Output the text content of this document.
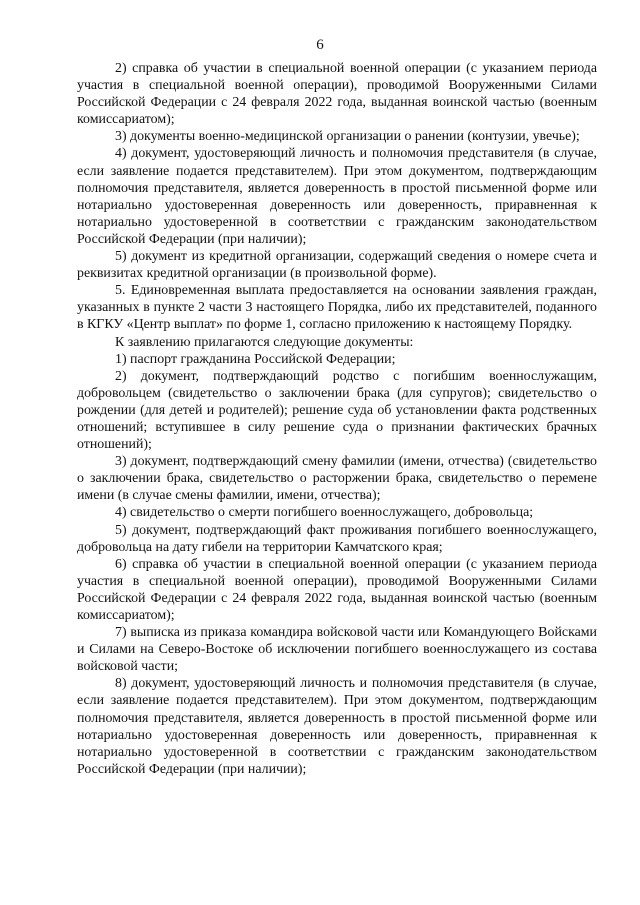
6

2) справка об участии в специальной военной операции (с указанием периода участия в специальной военной операции), проводимой Вооруженными Силами Российской Федерации с 24 февраля 2022 года, выданная воинской частью (военным комиссариатом);

3) документы военно-медицинской организации о ранении (контузии, увечье);

4) документ, удостоверяющий личность и полномочия представителя (в случае, если заявление подается представителем). При этом документом, подтверждающим полномочия представителя, является доверенность в простой письменной форме или нотариально удостоверенная доверенность или доверенность, приравненная к нотариально удостоверенной в соответствии с гражданским законодательством Российской Федерации (при наличии);

5) документ из кредитной организации, содержащий сведения о номере счета и реквизитах кредитной организации (в произвольной форме).

5. Единовременная выплата предоставляется на основании заявления граждан, указанных в пункте 2 части 3 настоящего Порядка, либо их представителей, поданного в КГКУ «Центр выплат» по форме 1, согласно приложению к настоящему Порядку.

К заявлению прилагаются следующие документы:

1) паспорт гражданина Российской Федерации;

2) документ, подтверждающий родство с погибшим военнослужащим, добровольцем (свидетельство о заключении брака (для супругов); свидетельство о рождении (для детей и родителей); решение суда об установлении факта родственных отношений; вступившее в силу решение суда о признании фактических брачных отношений);

3) документ, подтверждающий смену фамилии (имени, отчества) (свидетельство о заключении брака, свидетельство о расторжении брака, свидетельство о перемене имени (в случае смены фамилии, имени, отчества);

4) свидетельство о смерти погибшего военнослужащего, добровольца;

5) документ, подтверждающий факт проживания погибшего военнослужащего, добровольца на дату гибели на территории Камчатского края;

6) справка об участии в специальной военной операции (с указанием периода участия в специальной военной операции), проводимой Вооруженными Силами Российской Федерации с 24 февраля 2022 года, выданная воинской частью (военным комиссариатом);

7) выписка из приказа командира войсковой части или Командующего Войсками и Силами на Северо-Востоке об исключении погибшего военнослужащего из состава войсковой части;

8) документ, удостоверяющий личность и полномочия представителя (в случае, если заявление подается представителем). При этом документом, подтверждающим полномочия представителя, является доверенность в простой письменной форме или нотариально удостоверенная доверенность или доверенность, приравненная к нотариально удостоверенной в соответствии с гражданским законодательством Российской Федерации (при наличии);
